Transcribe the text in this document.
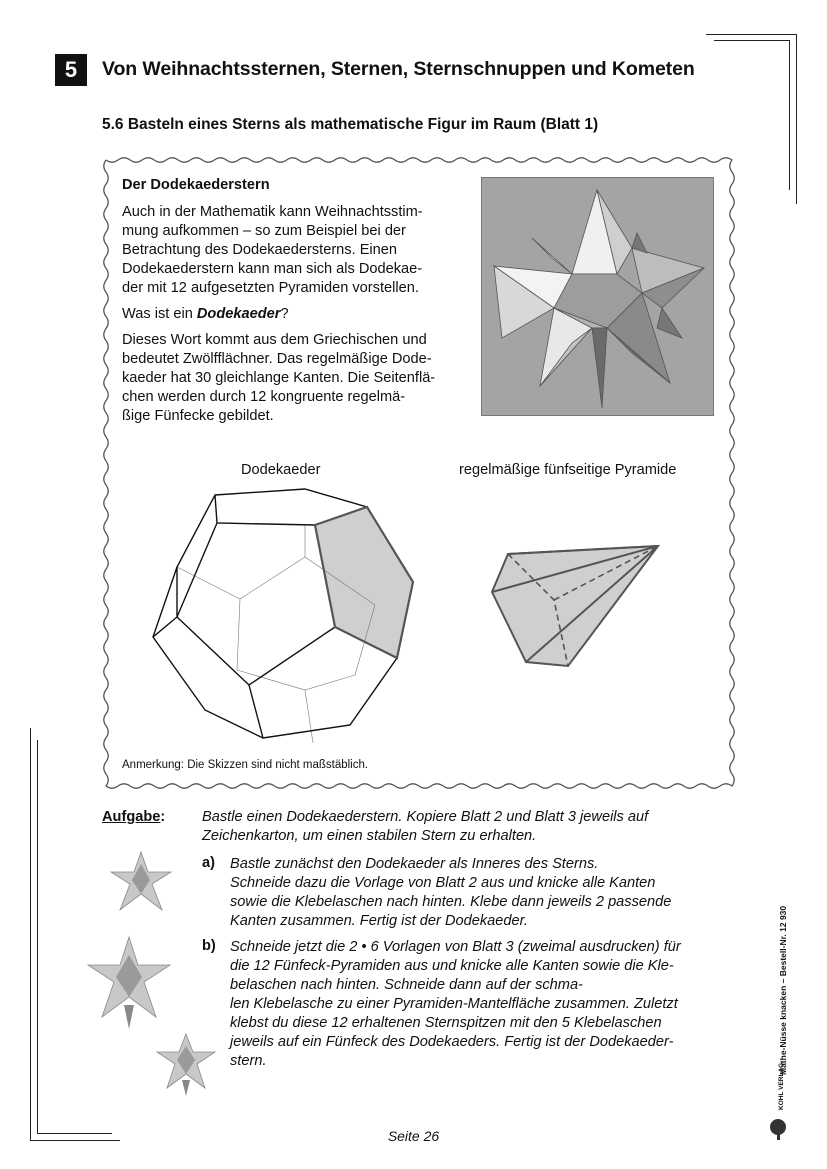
5	Von Weihnachtssternen, Sternen, Sternschnuppen und Kometen
5.6 Basteln eines Sterns als mathematische Figur im Raum (Blatt 1)
Der Dodekaederstern

Auch in der Mathematik kann Weihnachtsstim-
mung aufkommen – so zum Beispiel bei der
Betrachtung des Dodekaedersterns. Einen
Dodekaederstern kann man sich als Dodekae-
der mit 12 aufgesetzten Pyramiden vorstellen.

Was ist ein Dodekaeder?

Dieses Wort kommt aus dem Griechischen und
bedeutet Zwölfflächner. Das regelmäßige Dode-
kaeder hat 30 gleichlange Kanten. Die Seitenflä-
chen werden durch 12 kongruente regelmä-
ßige Fünfecke gebildet.

Dodekaeder	regelmäßige fünfseitige Pyramide
Anmerkung: Die Skizzen sind nicht maßstäblich.
Aufgabe:	Bastle einen Dodekaederstern. Kopiere Blatt 2 und Blatt 3 jeweils auf
Zeichenkarton, um einen stabilen Stern zu erhalten.
a) Bastle zunächst den Dodekaeder als Inneres des Sterns.
Schneide dazu die Vorlage von Blatt 2 aus und knicke alle Kanten
sowie die Klebelaschen nach hinten. Klebe dann jeweils 2 passende
Kanten zusammen. Fertig ist der Dodekaeder.
b) Schneide jetzt die 2 • 6 Vorlagen von Blatt 3 (zweimal ausdrucken) für
die 12 Fünfeck-Pyramiden aus und knicke alle Kanten sowie die Kle-
belaschen nach hinten. Schneide dann auf der schma-
len Klebelasche zu einer Pyramiden-Mantelfläche zusammen. Zuletzt
klebst du diese 12 erhaltenen Sternspitzen mit den 5 Klebelaschen
jeweils auf ein Fünfeck des Dodekaeders. Fertig ist der Dodekaeder-
stern.	Mathe-Nüsse knacken – Bestell-Nr. 12 930
KOHL VERLAG
Seite 26
